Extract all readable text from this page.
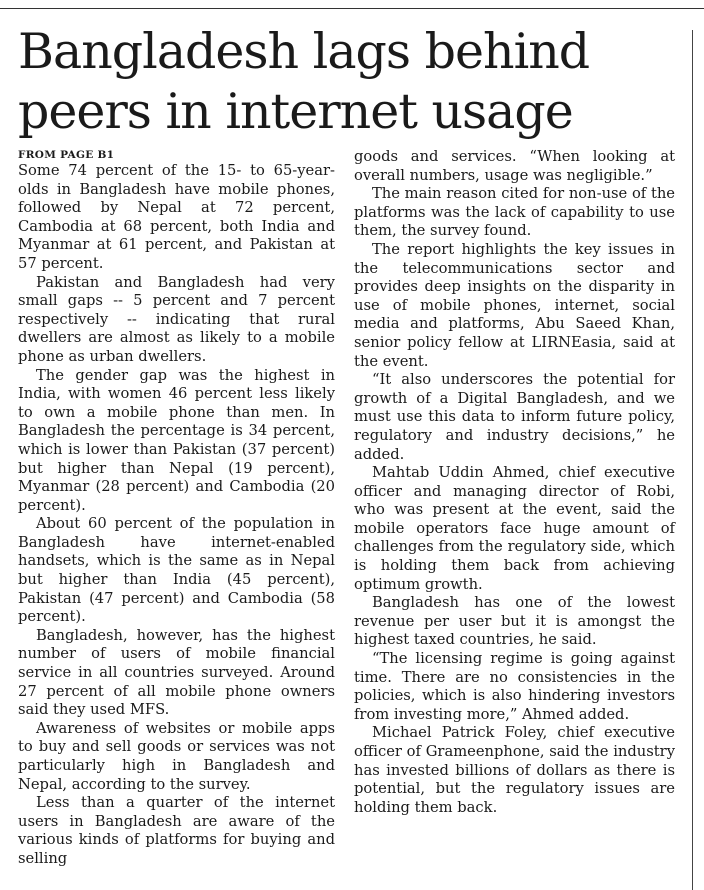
Bangladesh lags behind peers in internet usage

FROM PAGE B1

Some 74 percent of the 15- to 65-year-olds in Bangladesh have mobile phones, followed by Nepal at 72 percent, Cambodia at 68 percent, both India and Myanmar at 61 percent, and Pakistan at 57 percent.

Pakistan and Bangladesh had very small gaps -- 5 percent and 7 percent respectively -- indicating that rural dwellers are almost as likely to a mobile phone as urban dwellers.

The gender gap was the highest in India, with women 46 percent less likely to own a mobile phone than men. In Bangladesh the percentage is 34 percent, which is lower than Pakistan (37 percent) but higher than Nepal (19 percent), Myanmar (28 percent) and Cambodia (20 percent).

About 60 percent of the population in Bangladesh have internet-enabled handsets, which is the same as in Nepal but higher than India (45 percent), Pakistan (47 percent) and Cambodia (58 percent).

Bangladesh, however, has the highest number of users of mobile financial service in all countries surveyed. Around 27 percent of all mobile phone owners said they used MFS.

Awareness of websites or mobile apps to buy and sell goods or services was not particularly high in Bangladesh and Nepal, according to the survey.

Less than a quarter of the internet users in Bangladesh are aware of the various kinds of platforms for buying and selling

goods and services. “When looking at overall numbers, usage was negligible.”

The main reason cited for non-use of the platforms was the lack of capability to use them, the survey found.

The report highlights the key issues in the telecommunications sector and provides deep insights on the disparity in use of mobile phones, internet, social media and platforms, Abu Saeed Khan, senior policy fellow at LIRNEasia, said at the event.

“It also underscores the potential for growth of a Digital Bangladesh, and we must use this data to inform future policy, regulatory and industry decisions,” he added.

Mahtab Uddin Ahmed, chief executive officer and managing director of Robi, who was present at the event, said the mobile operators face huge amount of challenges from the regulatory side, which is holding them back from achieving optimum growth.

Bangladesh has one of the lowest revenue per user but it is amongst the highest taxed countries, he said.

“The licensing regime is going against time. There are no consistencies in the policies, which is also hindering investors from investing more,” Ahmed added.

Michael Patrick Foley, chief executive officer of Grameenphone, said the industry has invested billions of dollars as there is potential, but the regulatory issues are holding them back.
